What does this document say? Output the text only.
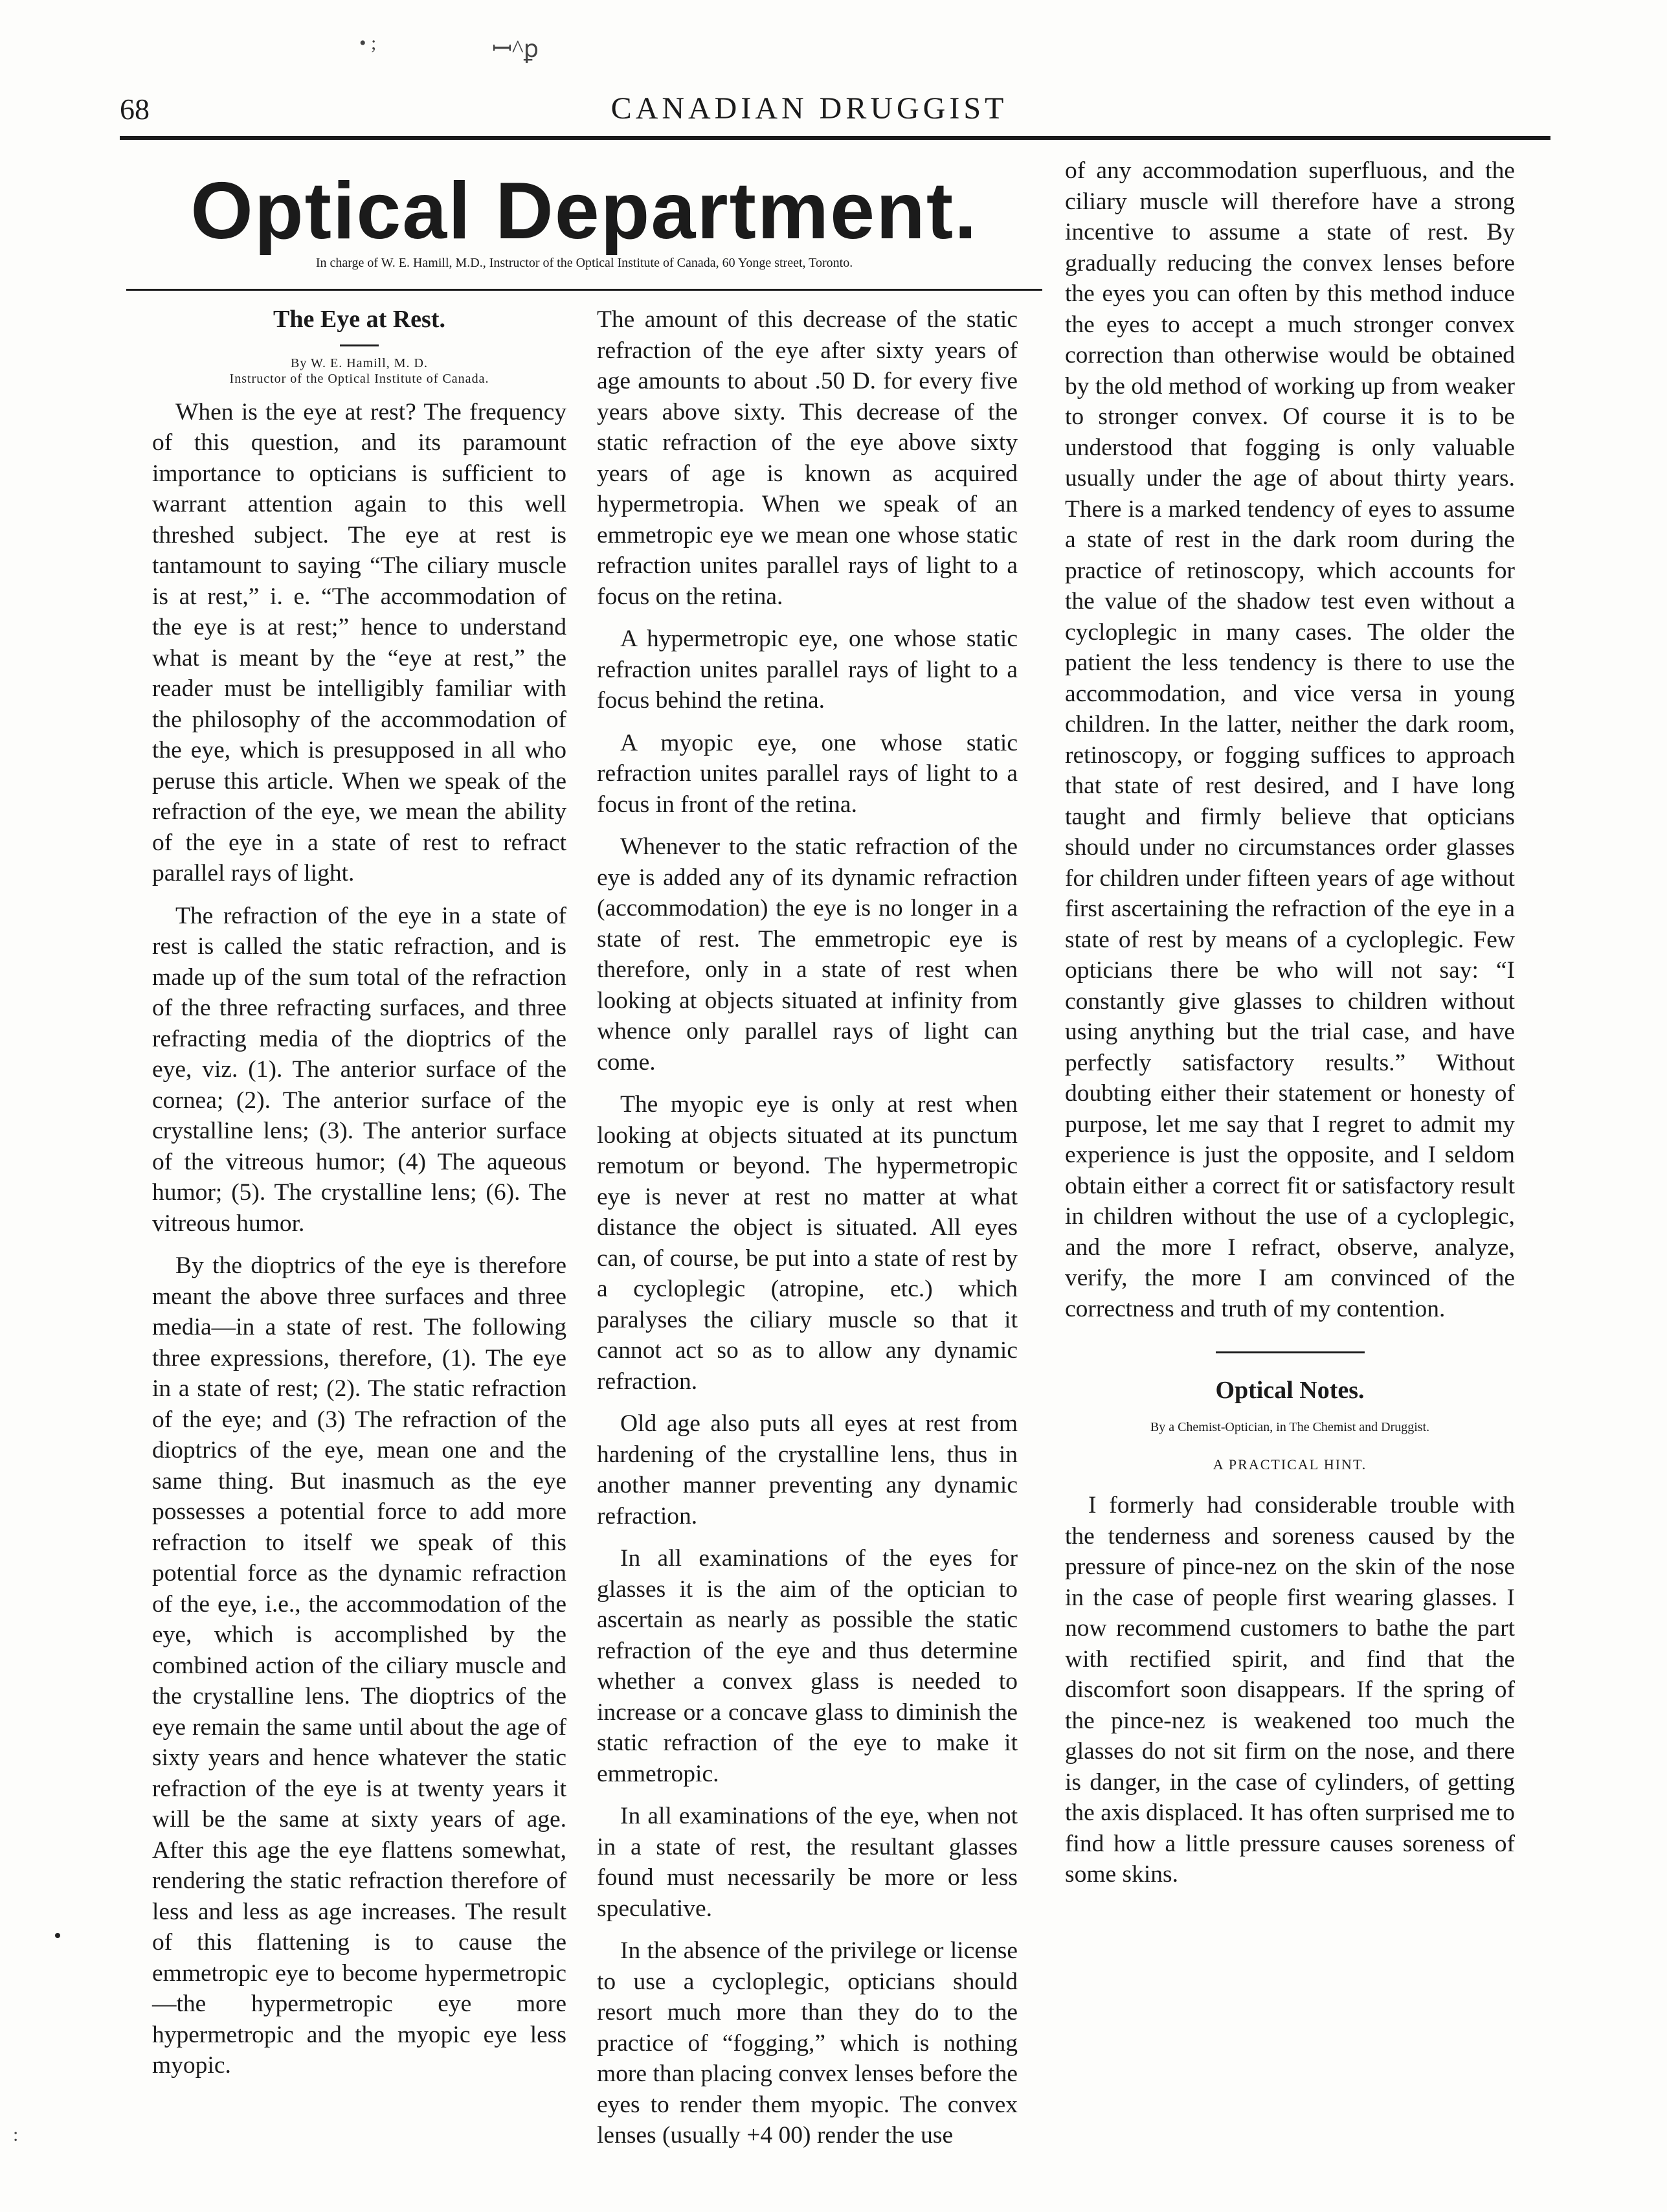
• ;	ꟷ^ꝑ
68	CANADIAN DRUGGIST
Optical Department.
In charge of W. E. Hamill, M.D., Instructor of the Optical Institute of Canada, 60 Yonge street, Toronto.
The Eye at Rest.
By W. E. Hamill, M. D.
Instructor of the Optical Institute of Canada.

When is the eye at rest? The frequency of this question, and its paramount importance to opticians is sufficient to warrant attention again to this well threshed subject. The eye at rest is tantamount to saying “The ciliary muscle is at rest,” i. e. “The accommodation of the eye is at rest;” hence to understand what is meant by the “eye at rest,” the reader must be intelligibly familiar with the philosophy of the accommodation of the eye, which is presupposed in all who peruse this article. When we speak of the refraction of the eye, we mean the ability of the eye in a state of rest to refract parallel rays of light.

The refraction of the eye in a state of rest is called the static refraction, and is made up of the sum total of the refraction of the three refracting surfaces, and three refracting media of the dioptrics of the eye, viz. (1). The anterior surface of the cornea; (2). The anterior surface of the crystalline lens; (3). The anterior surface of the vitreous humor; (4) The aqueous humor; (5). The crystalline lens; (6). The vitreous humor.

By the dioptrics of the eye is therefore meant the above three surfaces and three media—in a state of rest. The following three expressions, therefore, (1). The eye in a state of rest; (2). The static refraction of the eye; and (3) The refraction of the dioptrics of the eye, mean one and the same thing. But inasmuch as the eye possesses a potential force to add more refraction to itself we speak of this potential force as the dynamic refraction of the eye, i.e., the accommodation of the eye, which is accomplished by the combined action of the ciliary muscle and the crystalline lens. The dioptrics of the eye remain the same until about the age of sixty years and hence whatever the static refraction of the eye is at twenty years it will be the same at sixty years of age. After this age the eye flattens somewhat, rendering the static refraction therefore of less and less as age increases. The result of this flattening is to cause the emmetropic eye to become hypermetropic—the hypermetropic eye more hypermetropic and the myopic eye less myopic.

The amount of this decrease of the static refraction of the eye after sixty years of age amounts to about .50 D. for every five years above sixty. This decrease of the static refraction of the eye above sixty years of age is known as acquired hypermetropia. When we speak of an emmetropic eye we mean one whose static refraction unites parallel rays of light to a focus on the retina.

A hypermetropic eye, one whose static refraction unites parallel rays of light to a focus behind the retina.

A myopic eye, one whose static refraction unites parallel rays of light to a focus in front of the retina.

Whenever to the static refraction of the eye is added any of its dynamic refraction (accommodation) the eye is no longer in a state of rest. The emmetropic eye is therefore, only in a state of rest when looking at objects situated at infinity from whence only parallel rays of light can come.

The myopic eye is only at rest when looking at objects situated at its punctum remotum or beyond. The hypermetropic eye is never at rest no matter at what distance the object is situated. All eyes can, of course, be put into a state of rest by a cycloplegic (atropine, etc.) which paralyses the ciliary muscle so that it cannot act so as to allow any dynamic refraction.

Old age also puts all eyes at rest from hardening of the crystalline lens, thus in another manner preventing any dynamic refraction.

In all examinations of the eyes for glasses it is the aim of the optician to ascertain as nearly as possible the static refraction of the eye and thus determine whether a convex glass is needed to increase or a concave glass to diminish the static refraction of the eye to make it emmetropic.

In all examinations of the eye, when not in a state of rest, the resultant glasses found must necessarily be more or less speculative.

In the absence of the privilege or license to use a cycloplegic, opticians should resort much more than they do to the practice of “fogging,” which is nothing more than placing convex lenses before the eyes to render them myopic. The convex lenses (usually +4 00) render the use

of any accommodation superfluous, and the ciliary muscle will therefore have a strong incentive to assume a state of rest. By gradually reducing the convex lenses before the eyes you can often by this method induce the eyes to accept a much stronger convex correction than otherwise would be obtained by the old method of working up from weaker to stronger convex. Of course it is to be understood that fogging is only valuable usually under the age of about thirty years. There is a marked tendency of eyes to assume a state of rest in the dark room during the practice of retinoscopy, which accounts for the value of the shadow test even without a cycloplegic in many cases. The older the patient the less tendency is there to use the accommodation, and vice versa in young children. In the latter, neither the dark room, retinoscopy, or fogging suffices to approach that state of rest desired, and I have long taught and firmly believe that opticians should under no circumstances order glasses for children under fifteen years of age without first ascertaining the refraction of the eye in a state of rest by means of a cycloplegic. Few opticians there be who will not say: “I constantly give glasses to children without using anything but the trial case, and have perfectly satisfactory results.” Without doubting either their statement or honesty of purpose, let me say that I regret to admit my experience is just the opposite, and I seldom obtain either a correct fit or satisfactory result in children without the use of a cycloplegic, and the more I refract, observe, analyze, verify, the more I am convinced of the correctness and truth of my contention.

Optical Notes.
By a Chemist-Optician, in The Chemist and Druggist.
A PRACTICAL HINT.

I formerly had considerable trouble with the tenderness and soreness caused by the pressure of pince-nez on the skin of the nose in the case of people first wearing glasses. I now recommend customers to bathe the part with rectified spirit, and find that the discomfort soon disappears. If the spring of the pince-nez is weakened too much the glasses do not sit firm on the nose, and there is danger, in the case of cylinders, of getting the axis displaced. It has often surprised me to find how a little pressure causes soreness of some skins.

:
